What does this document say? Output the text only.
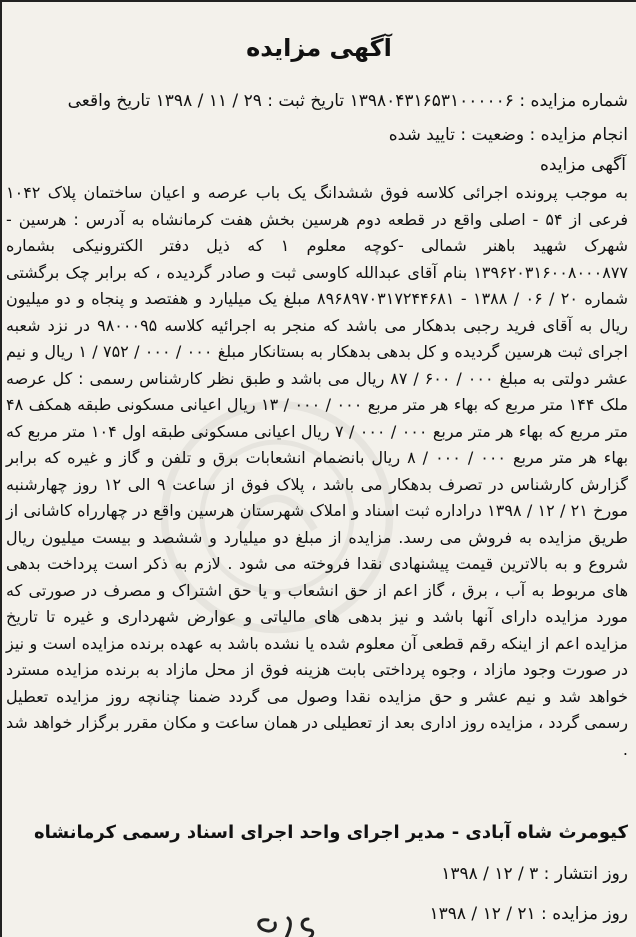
آگهی مزایده
شماره مزایده : ۱۳۹۸۰۴۳۱۶۵۳۱۰۰۰۰۰۶ تاریخ ثبت : ۲۹ / ۱۱ / ۱۳۹۸ تاریخ واقعی
انجام مزایده : وضعیت : تایید شده
آگهی مزایده
به موجب پرونده اجرائی کلاسه فوق ششدانگ یک باب عرصه و اعیان ساختمان پلاک ۱۰۴۲ فرعی از ۵۴ - اصلی واقع در قطعه دوم هرسین بخش هفت کرمانشاه به آدرس : هرسین - شهرک شهید باهنر شمالی -کوچه معلوم ۱ که ذیل دفتر الکترونیکی بشماره ۱۳۹۶۲۰۳۱۶۰۰۸۰۰۰۸۷۷ بنام آقای عبدالله کاوسی ثبت و صادر گردیده ، که برابر چک برگشتی شماره ۲۰ / ۰۶ / ۱۳۸۸ - ۸۹۶۸۹۷۰۳۱۷۲۴۴۶۸۱ مبلغ یک میلیارد و هفتصد و پنجاه و دو میلیون ریال به آقای فرید رجبی بدهکار می باشد که منجر به اجرائیه کلاسه ۹۸۰۰۰۹۵ در نزد شعبه اجرای ثبت هرسین گردیده و کل بدهی بدهکار به بستانکار مبلغ ۰۰۰ / ۰۰۰ / ۷۵۲ / ۱ ریال و نیم عشر دولتی به مبلغ ۰۰۰ / ۶۰۰ / ۸۷ ریال می باشد و طبق نظر کارشناس رسمی : کل عرصه ملک ۱۴۴ متر مربع که بهاء هر متر مربع ۰۰۰ / ۰۰۰ / ۱۳ ریال اعیانی مسکونی طبقه همکف ۴۸ متر مربع که بهاء هر متر مربع ۰۰۰ / ۰۰۰ / ۷ ریال اعیانی مسکونی طبقه اول ۱۰۴ متر مربع که بهاء هر متر مربع ۰۰۰ / ۰۰۰ / ۸ ریال بانضمام انشعابات برق و تلفن و گاز و غیره که برابر گزارش کارشناس در تصرف بدهکار می باشد ، پلاک فوق از ساعت ۹ الی ۱۲ روز چهارشنبه مورخ ۲۱ / ۱۲ / ۱۳۹۸ دراداره ثبت اسناد و املاک شهرستان هرسین واقع در چهارراه کاشانی از طریق مزایده به فروش می رسد. مزایده از مبلغ دو میلیارد و ششصد و بیست میلیون ریال شروع و به بالاترین قیمت پیشنهادی نقدا فروخته می شود . لازم به ذکر است پرداخت بدهی های مربوط به آب ، برق ، گاز اعم از حق انشعاب و یا حق اشتراک و مصرف در صورتی که مورد مزایده دارای آنها باشد و نیز بدهی های مالیاتی و عوارض شهرداری و غیره تا تاریخ مزایده اعم از اینکه رقم قطعی آن معلوم شده یا نشده باشد به عهده برنده مزایده است و نیز در صورت وجود مازاد ، وجوه پرداختی بابت هزینه فوق از محل مازاد به برنده مزایده مسترد خواهد شد و نیم عشر و حق مزایده نقدا وصول می گردد ضمنا چنانچه روز مزایده تعطیل رسمی گردد ، مزایده روز اداری بعد از تعطیلی در همان ساعت و مکان مقرر برگزار خواهد شد .
کیومرث شاه آبادی - مدیر اجرای واحد اجرای اسناد رسمی کرمانشاه
روز انتشار : ۳ / ۱۲ / ۱۳۹۸
روز مزایده : ۲۱ / ۱۲ / ۱۳۹۸
